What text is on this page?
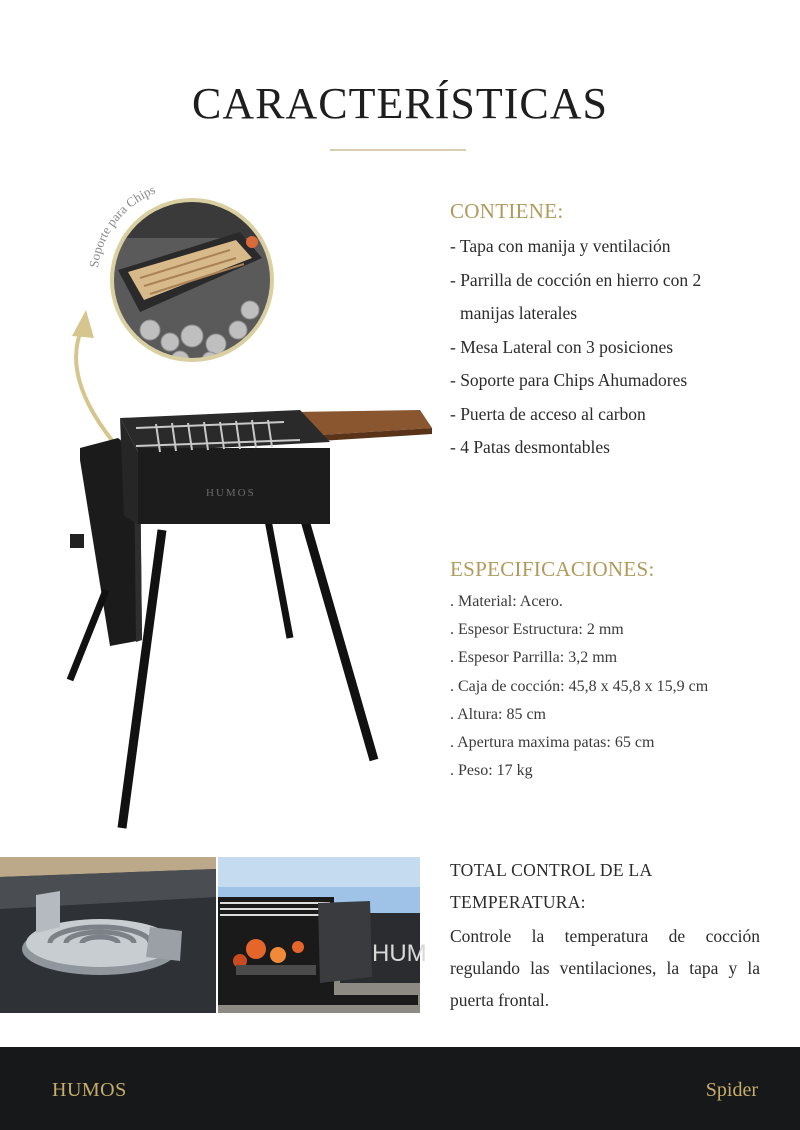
CARACTERÍSTICAS
Soporte para Chips
HUMOS
CONTIENE:
- Tapa con manija y ventilación
- Parrilla de cocción en hierro con 2
manijas laterales
- Mesa Lateral con 3 posiciones
- Soporte para Chips Ahumadores
- Puerta de acceso al carbon
- 4 Patas desmontables
ESPECIFICACIONES:
. Material: Acero.
. Espesor Estructura: 2 mm
. Espesor Parrilla: 3,2 mm
. Caja de cocción: 45,8 x 45,8 x 15,9 cm
. Altura: 85 cm
. Apertura maxima patas: 65 cm
. Peso: 17 kg
HUM
TOTAL CONTROL DE LA
TEMPERATURA:
Controle la temperatura de cocción regulando las ventilaciones, la tapa y la puerta frontal.
HUMOS	Spider
